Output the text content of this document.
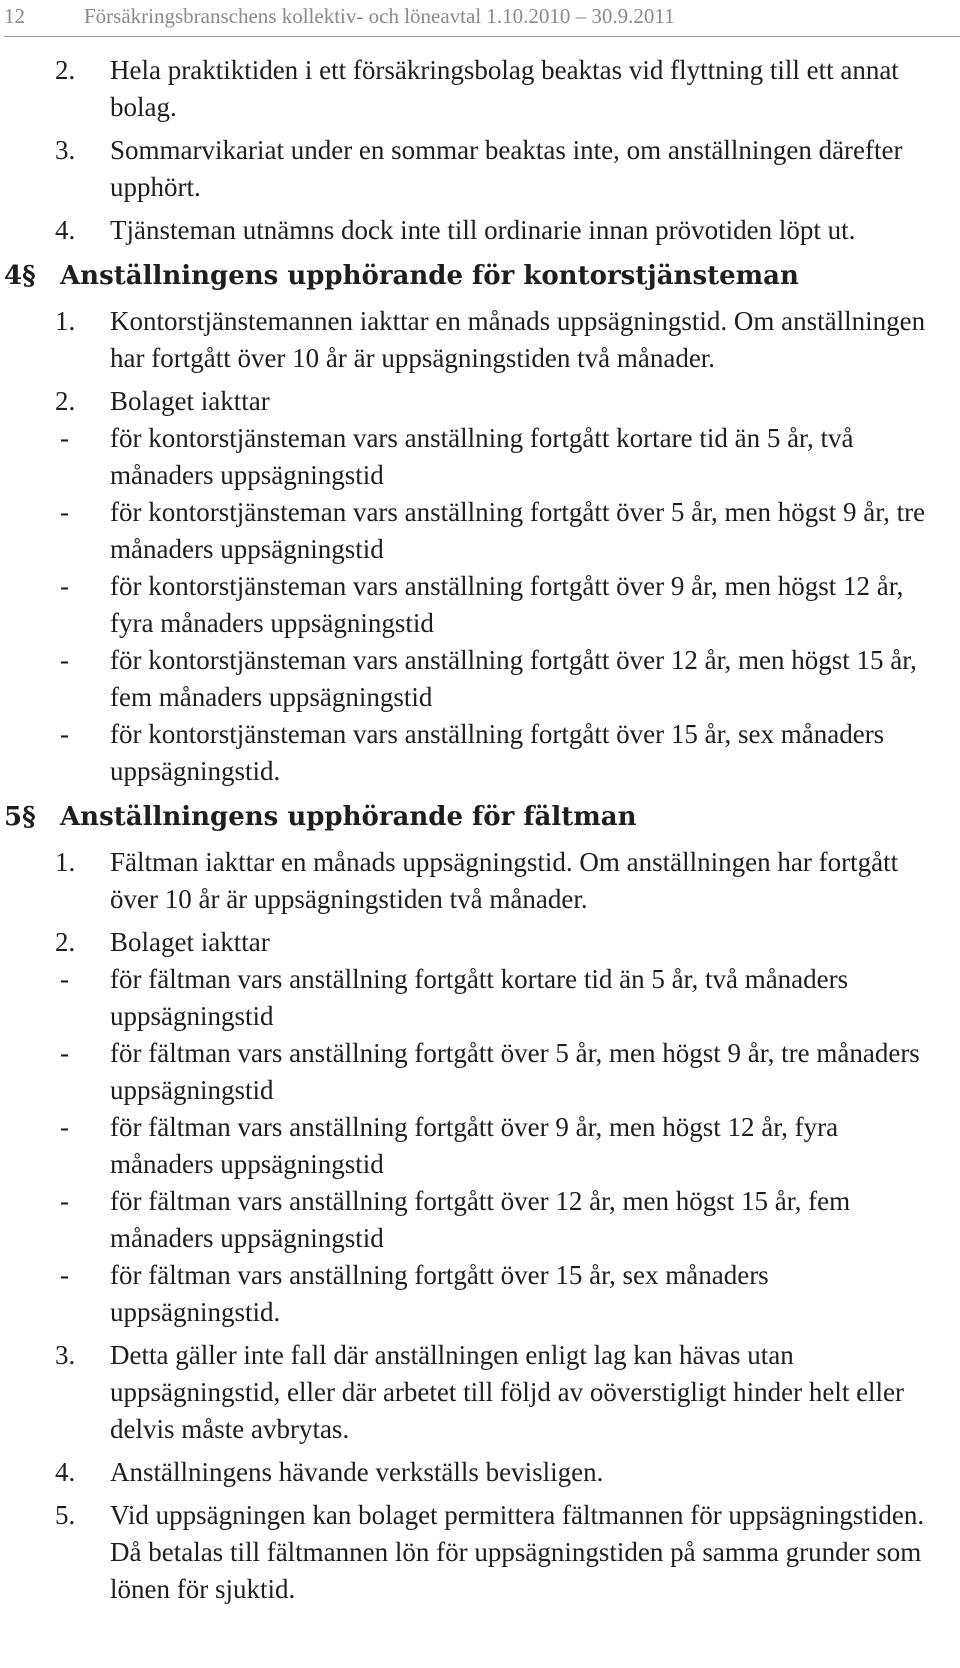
12	Försäkringsbranschens kollektiv- och löneavtal 1.10.2010 – 30.9.2011
2. Hela praktiktiden i ett försäkringsbolag beaktas vid flyttning till ett annat bolag.
3. Sommarvikariat under en sommar beaktas inte, om anställningen därefter upphört.
4. Tjänsteman utnämns dock inte till ordinarie innan prövotiden löpt ut.
4§ Anställningens upphörande för kontorstjänsteman
1. Kontorstjänstemannen iakttar en månads uppsägningstid. Om anställningen har fortgått över 10 år är uppsägningstiden två månader.
2. Bolaget iakttar
- för kontorstjänsteman vars anställning fortgått kortare tid än 5 år, två månaders uppsägningstid
- för kontorstjänsteman vars anställning fortgått över 5 år, men högst 9 år, tre månaders uppsägningstid
- för kontorstjänsteman vars anställning fortgått över 9 år, men högst 12 år, fyra månaders uppsägningstid
- för kontorstjänsteman vars anställning fortgått över 12 år, men högst 15 år, fem månaders uppsägningstid
- för kontorstjänsteman vars anställning fortgått över 15 år, sex månaders uppsägningstid.
5§ Anställningens upphörande för fältman
1. Fältman iakttar en månads uppsägningstid. Om anställningen har fortgått över 10 år är uppsägningstiden två månader.
2. Bolaget iakttar
- för fältman vars anställning fortgått kortare tid än 5 år, två månaders uppsägningstid
- för fältman vars anställning fortgått över 5 år, men högst 9 år, tre månaders uppsägningstid
- för fältman vars anställning fortgått över 9 år, men högst 12 år, fyra månaders uppsägningstid
- för fältman vars anställning fortgått över 12 år, men högst 15 år, fem månaders uppsägningstid
- för fältman vars anställning fortgått över 15 år, sex månaders uppsägningstid.
3. Detta gäller inte fall där anställningen enligt lag kan hävas utan uppsägningstid, eller där arbetet till följd av oöverstigligt hinder helt eller delvis måste avbrytas.
4. Anställningens hävande verkställs bevisligen.
5. Vid uppsägningen kan bolaget permittera fältmannen för uppsägningstiden. Då betalas till fältmannen lön för uppsägningstiden på samma grunder som lönen för sjuktid.
